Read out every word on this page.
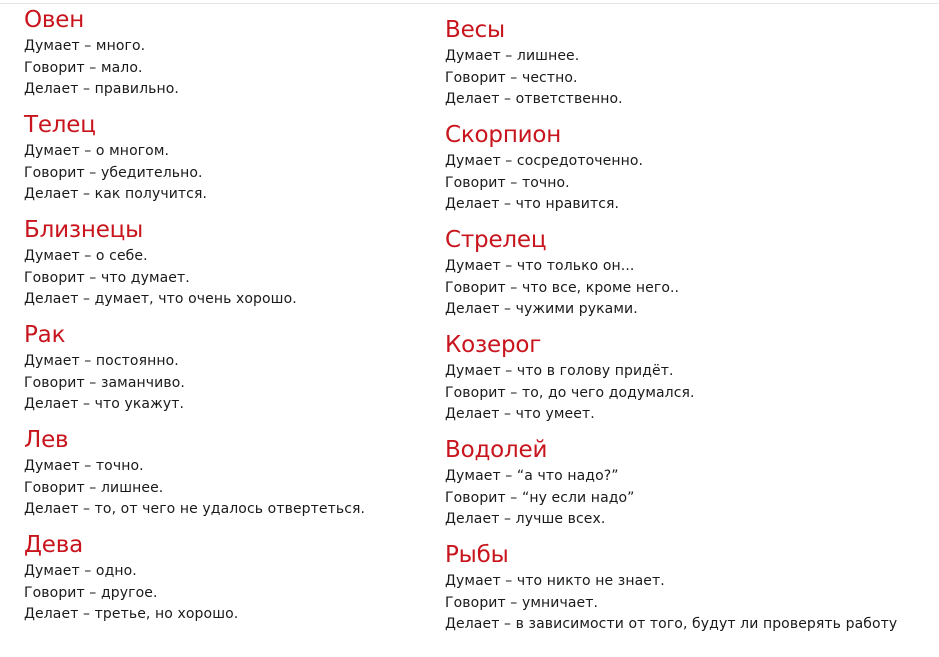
Овен
Думает – много.
Говорит – мало.
Делает – правильно.
Телец
Думает – о многом.
Говорит – убедительно.
Делает – как получится.
Близнецы
Думает – о себе.
Говорит – что думает.
Делает – думает, что очень хорошо.
Рак
Думает – постоянно.
Говорит – заманчиво.
Делает – что укажут.
Лев
Думает – точно.
Говорит – лишнее.
Делает – то, от чего не удалось отвертеться.
Дева
Думает – одно.
Говорит – другое.
Делает – третье, но хорошо.
Весы
Думает – лишнее.
Говорит – честно.
Делает – ответственно.
Скорпион
Думает – сосредоточенно.
Говорит – точно.
Делает – что нравится.
Стрелец
Думает – что только он...
Говорит – что все, кроме него..
Делает – чужими руками.
Козерог
Думает – что в голову придёт.
Говорит – то, до чего додумался.
Делает – что умеет.
Водолей
Думает – “а что надо?”
Говорит – “ну если надо”
Делает – лучше всех.
Рыбы
Думает – что никто не знает.
Говорит – умничает.
Делает – в зависимости от того, будут ли проверять работу
